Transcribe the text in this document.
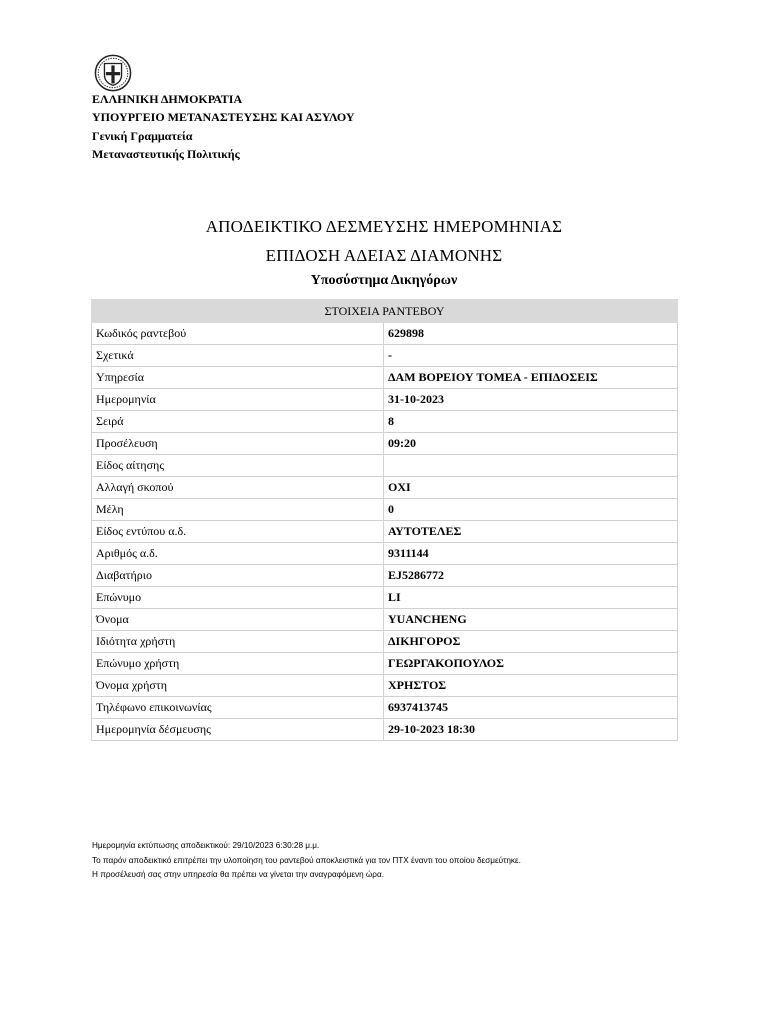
ΕΛΛΗΝΙΚΗ ΔΗΜΟΚΡΑΤΙΑ
ΥΠΟΥΡΓΕΙΟ ΜΕΤΑΝΑΣΤΕΥΣΗΣ ΚΑΙ ΑΣΥΛΟΥ
Γενική Γραμματεία
Μεταναστευτικής Πολιτικής
ΑΠΟΔΕΙΚΤΙΚΟ ΔΕΣΜΕΥΣΗΣ ΗΜΕΡΟΜΗΝΙΑΣ
ΕΠΙΔΟΣΗ ΑΔΕΙΑΣ ΔΙΑΜΟΝΗΣ
Υποσύστημα Δικηγόρων
ΣΤΟΙΧΕΙΑ ΡΑΝΤΕΒΟΥ	
Κωδικός ραντεβού	629898
Σχετικά	-
Υπηρεσία	ΔΑΜ ΒΟΡΕΙΟΥ ΤΟΜΕΑ - ΕΠΙΔΟΣΕΙΣ
Ημερομηνία	31-10-2023
Σειρά	8
Προσέλευση	09:20
Είδος αίτησης	
Αλλαγή σκοπού	ΟΧΙ
Μέλη	0
Είδος εντύπου α.δ.	ΑΥΤΟΤΕΛΕΣ
Αριθμός α.δ.	9311144
Διαβατήριο	EJ5286772
Επώνυμο	LI
Όνομα	YUANCHENG
Ιδιότητα χρήστη	ΔΙΚΗΓΟΡΟΣ
Επώνυμο χρήστη	ΓΕΩΡΓΑΚΟΠΟΥΛΟΣ
Όνομα χρήστη	ΧΡΗΣΤΟΣ
Τηλέφωνο επικοινωνίας	6937413745
Ημερομηνία δέσμευσης	29-10-2023 18:30
Ημερομηνία εκτύπωσης αποδεικτικού: 29/10/2023 6:30:28 μ.μ.
Το παρόν αποδεικτικό επιτρέπει την υλοποίηση του ραντεβού αποκλειστικά για τον ΠΤΧ έναντι του οποίου δεσμεύτηκε.
Η προσέλευσή σας στην υπηρεσία θα πρέπει να γίνεται την αναγραφόμενη ώρα.
